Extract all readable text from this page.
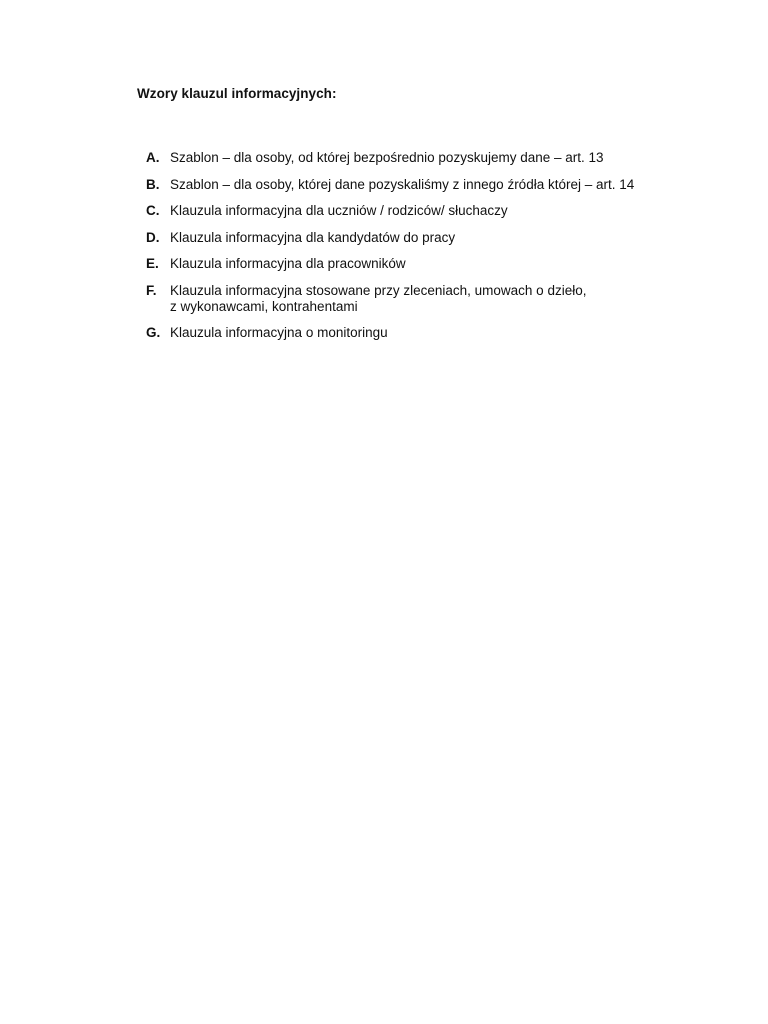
Wzory klauzul informacyjnych:
A. Szablon – dla osoby, od której bezpośrednio pozyskujemy dane – art. 13
B. Szablon – dla osoby, której dane pozyskaliśmy z innego źródła której – art. 14
C. Klauzula informacyjna dla uczniów / rodziców/ słuchaczy
D. Klauzula informacyjna dla kandydatów do pracy
E. Klauzula informacyjna dla pracowników
F. Klauzula informacyjna stosowane przy zleceniach, umowach o dzieło,
z wykonawcami, kontrahentami
G. Klauzula informacyjna o monitoringu
